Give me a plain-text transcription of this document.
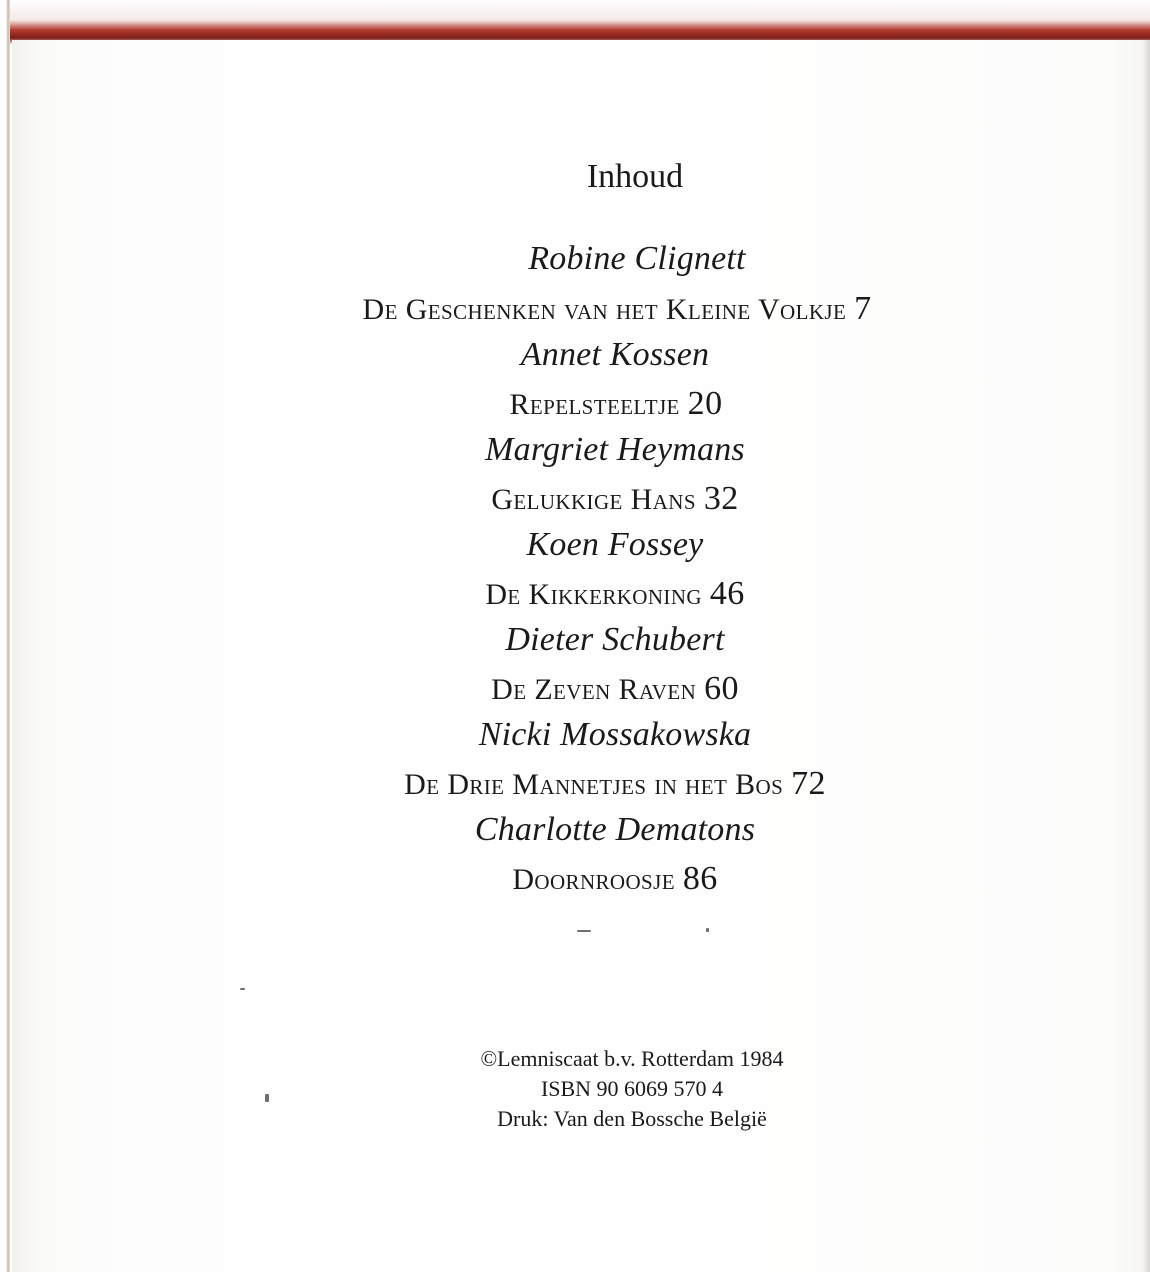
Inhoud
Robine Clignett
De Geschenken van het Kleine Volkje 7
Annet Kossen
Repelsteeltje 20
Margriet Heymans
Gelukkige Hans 32
Koen Fossey
De Kikkerkoning 46
Dieter Schubert
De Zeven Raven 60
Nicki Mossakowska
De Drie Mannetjes in het Bos 72
Charlotte Dematons
Doornroosje 86
©Lemniscaat b.v. Rotterdam 1984
ISBN 90 6069 570 4
Druk: Van den Bossche België
